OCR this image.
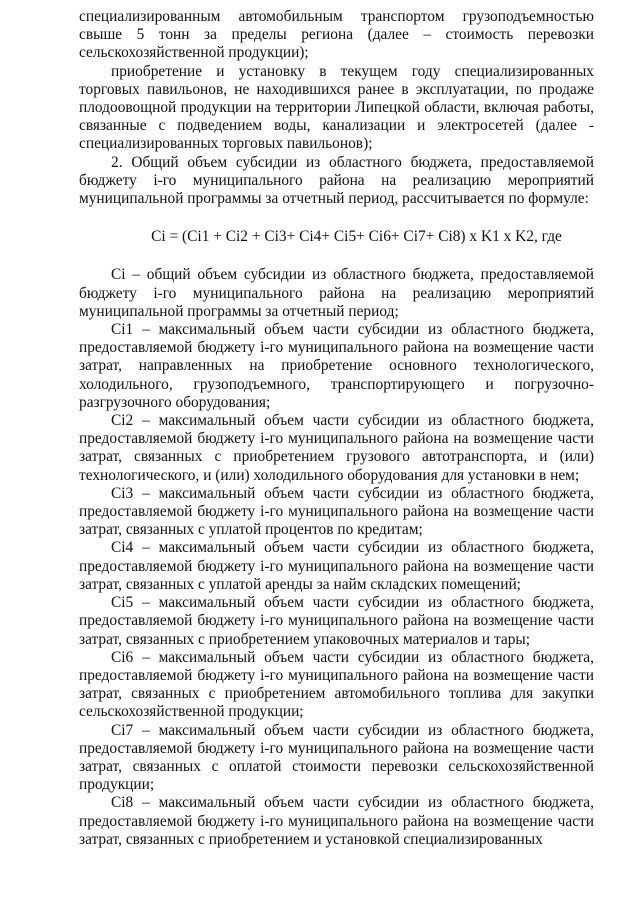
специализированным автомобильным транспортом грузоподъемностью свыше 5 тонн за пределы региона (далее – стоимость перевозки сельскохозяйственной продукции);

приобретение и установку в текущем году специализированных торговых павильонов, не находившихся ранее в эксплуатации, по продаже плодоовощной продукции на территории Липецкой области, включая работы, связанные с подведением воды, канализации и электросетей (далее - специализированных торговых павильонов);

2. Общий объем субсидии из областного бюджета, предоставляемой бюджету i-го муниципального района на реализацию мероприятий муниципальной программы за отчетный период, рассчитывается по формуле:

Ci = (Ci1 + Ci2 + Ci3+ Ci4+ Ci5+ Ci6+ Ci7+ Ci8) x K1 x K2, где

Ci – общий объем субсидии из областного бюджета, предоставляемой бюджету i-го муниципального района на реализацию мероприятий муниципальной программы за отчетный период;

Ci1 – максимальный объем части субсидии из областного бюджета, предоставляемой бюджету i-го муниципального района на возмещение части затрат, направленных на приобретение основного технологического, холодильного, грузоподъемного, транспортирующего и погрузочно-разгрузочного оборудования;

Ci2 – максимальный объем части субсидии из областного бюджета, предоставляемой бюджету i-го муниципального района на возмещение части затрат, связанных с приобретением грузового автотранспорта, и (или) технологического, и (или) холодильного оборудования для установки в нем;

Ci3 – максимальный объем части субсидии из областного бюджета, предоставляемой бюджету i-го муниципального района на возмещение части затрат, связанных с уплатой процентов по кредитам;

Ci4 – максимальный объем части субсидии из областного бюджета, предоставляемой бюджету i-го муниципального района на возмещение части затрат, связанных с уплатой аренды за найм складских помещений;

Ci5 – максимальный объем части субсидии из областного бюджета, предоставляемой бюджету i-го муниципального района на возмещение части затрат, связанных с приобретением упаковочных материалов и тары;

Ci6 – максимальный объем части субсидии из областного бюджета, предоставляемой бюджету i-го муниципального района на возмещение части затрат, связанных с приобретением автомобильного топлива для закупки сельскохозяйственной продукции;

Ci7 – максимальный объем части субсидии из областного бюджета, предоставляемой бюджету i-го муниципального района на возмещение части затрат, связанных с оплатой стоимости перевозки сельскохозяйственной продукции;

Ci8 – максимальный объем части субсидии из областного бюджета, предоставляемой бюджету i-го муниципального района на возмещение части затрат, связанных с приобретением и установкой специализированных
